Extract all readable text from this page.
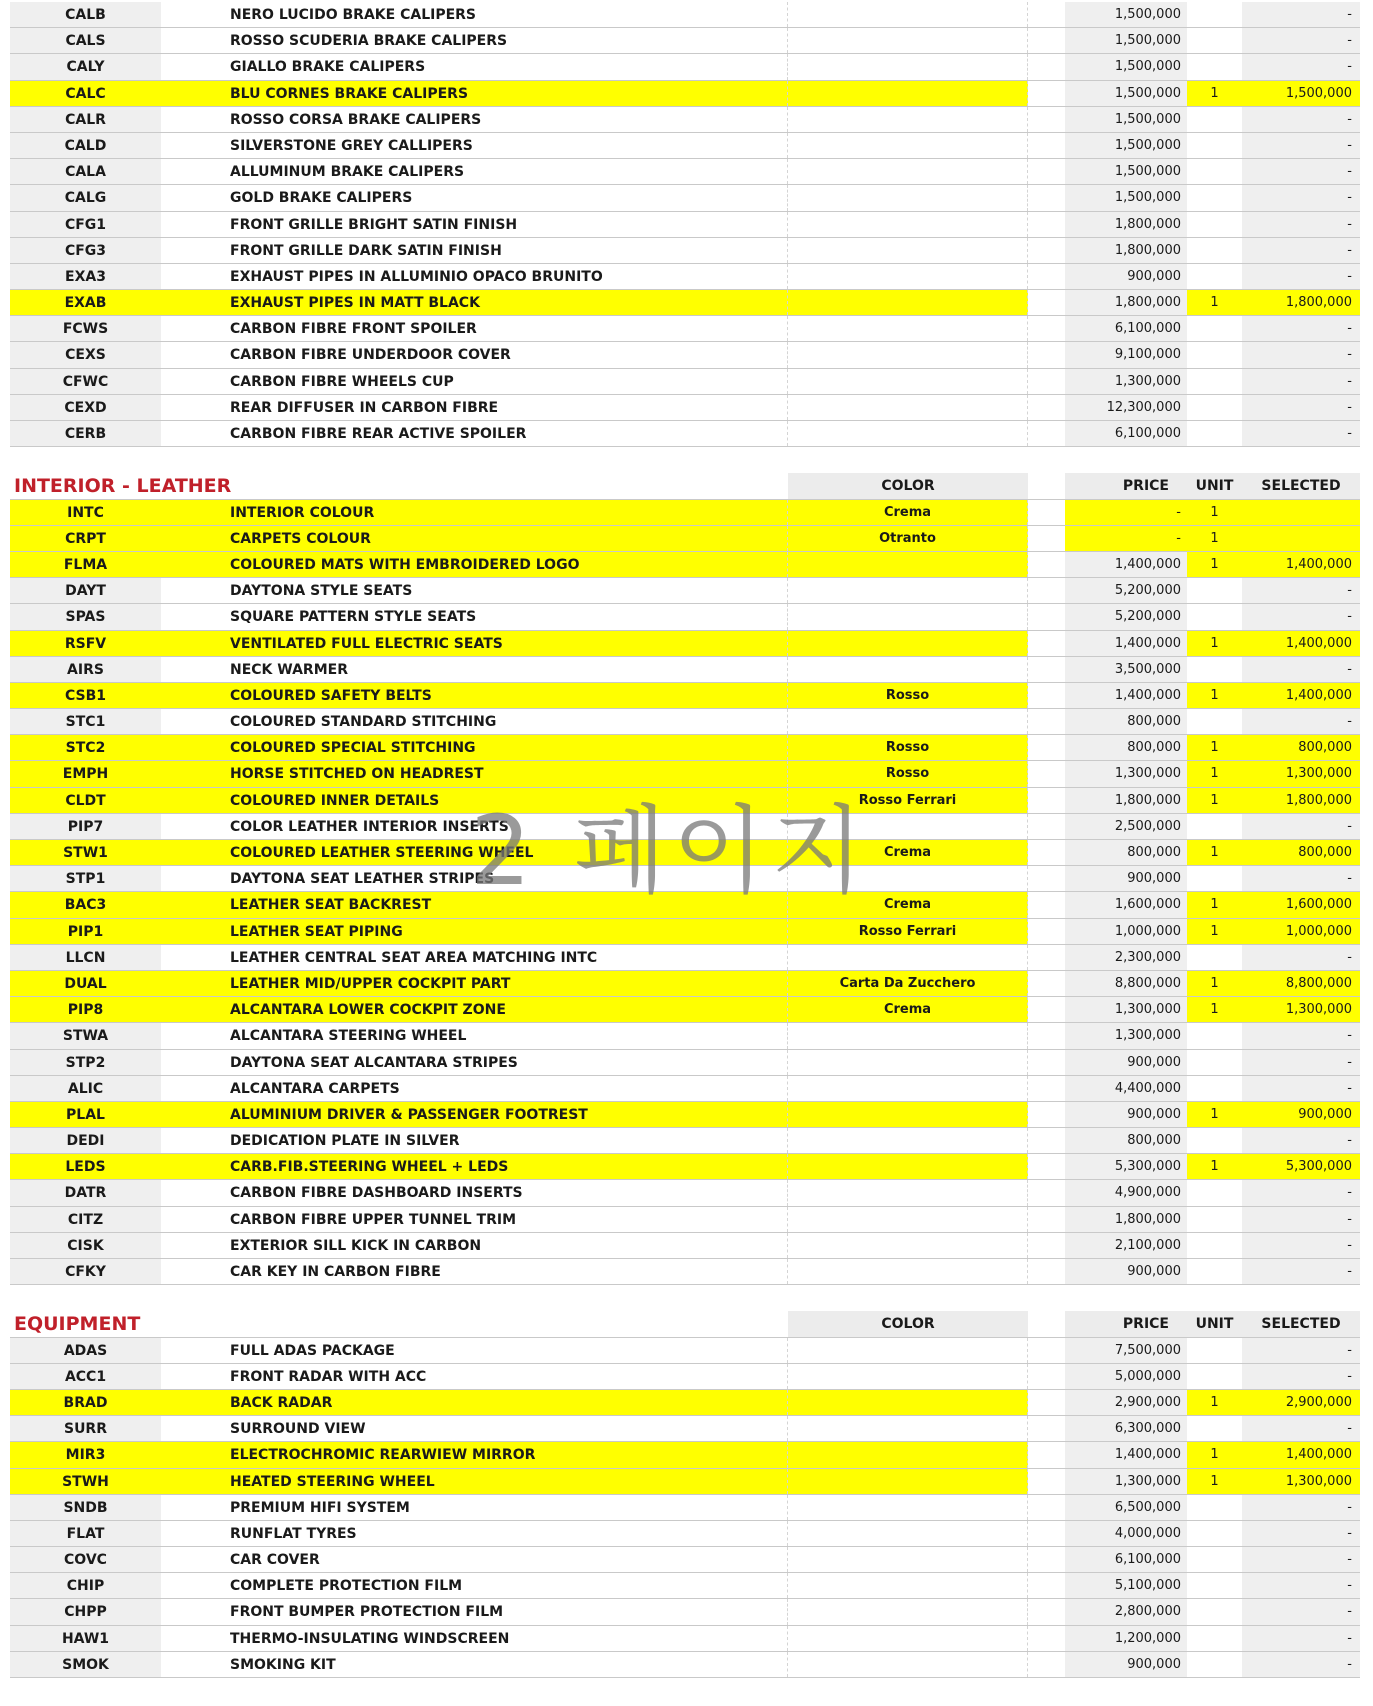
CALB	NERO LUCIDO BRAKE CALIPERS	1,500,000	-
CALS	ROSSO SCUDERIA BRAKE CALIPERS	1,500,000	-
CALY	GIALLO BRAKE CALIPERS	1,500,000	-
CALC	BLU CORNES BRAKE CALIPERS	1,500,000	1	1,500,000
CALR	ROSSO CORSA BRAKE CALIPERS	1,500,000	-
CALD	SILVERSTONE GREY CALLIPERS	1,500,000	-
CALA	ALLUMINUM BRAKE CALIPERS	1,500,000	-
CALG	GOLD BRAKE CALIPERS	1,500,000	-
CFG1	FRONT GRILLE BRIGHT SATIN FINISH	1,800,000	-
CFG3	FRONT GRILLE DARK SATIN FINISH	1,800,000	-
EXA3	EXHAUST PIPES IN ALLUMINIO OPACO BRUNITO	900,000	-
EXAB	EXHAUST PIPES IN MATT BLACK	1,800,000	1	1,800,000
FCWS	CARBON FIBRE FRONT SPOILER	6,100,000	-
CEXS	CARBON FIBRE UNDERDOOR COVER	9,100,000	-
CFWC	CARBON FIBRE WHEELS CUP	1,300,000	-
CEXD	REAR DIFFUSER IN CARBON FIBRE	12,300,000	-
CERB	CARBON FIBRE REAR ACTIVE SPOILER	6,100,000	-
INTERIOR - LEATHER	COLOR	PRICE	UNIT	SELECTED
INTC	INTERIOR COLOUR	Crema	-	1
CRPT	CARPETS COLOUR	Otranto	-	1
FLMA	COLOURED MATS WITH EMBROIDERED LOGO	1,400,000	1	1,400,000
DAYT	DAYTONA STYLE SEATS	5,200,000	-
SPAS	SQUARE PATTERN STYLE SEATS	5,200,000	-
RSFV	VENTILATED FULL ELECTRIC SEATS	1,400,000	1	1,400,000
AIRS	NECK WARMER	3,500,000	-
CSB1	COLOURED SAFETY BELTS	Rosso	1,400,000	1	1,400,000
STC1	COLOURED STANDARD STITCHING	800,000	-
STC2	COLOURED SPECIAL STITCHING	Rosso	800,000	1	800,000
EMPH	HORSE STITCHED ON HEADREST	Rosso	1,300,000	1	1,300,000
CLDT	COLOURED INNER DETAILS	Rosso Ferrari	1,800,000	1	1,800,000
PIP7	COLOR LEATHER INTERIOR INSERTS	2,500,000	-
STW1	COLOURED LEATHER STEERING WHEEL	Crema	800,000	1	800,000
STP1	DAYTONA SEAT LEATHER STRIPES	900,000	-
BAC3	LEATHER SEAT BACKREST	Crema	1,600,000	1	1,600,000
PIP1	LEATHER SEAT PIPING	Rosso Ferrari	1,000,000	1	1,000,000
LLCN	LEATHER CENTRAL SEAT AREA MATCHING INTC	2,300,000	-
DUAL	LEATHER MID/UPPER COCKPIT PART	Carta Da Zucchero	8,800,000	1	8,800,000
PIP8	ALCANTARA LOWER COCKPIT ZONE	Crema	1,300,000	1	1,300,000
STWA	ALCANTARA STEERING WHEEL	1,300,000	-
STP2	DAYTONA SEAT ALCANTARA STRIPES	900,000	-
ALIC	ALCANTARA CARPETS	4,400,000	-
PLAL	ALUMINIUM DRIVER & PASSENGER FOOTREST	900,000	1	900,000
DEDI	DEDICATION PLATE IN SILVER	800,000	-
LEDS	CARB.FIB.STEERING WHEEL + LEDS	5,300,000	1	5,300,000
DATR	CARBON FIBRE DASHBOARD INSERTS	4,900,000	-
CITZ	CARBON FIBRE UPPER TUNNEL TRIM	1,800,000	-
CISK	EXTERIOR SILL KICK IN CARBON	2,100,000	-
CFKY	CAR KEY IN CARBON FIBRE	900,000	-
EQUIPMENT	COLOR	PRICE	UNIT	SELECTED
ADAS	FULL ADAS PACKAGE	7,500,000	-
ACC1	FRONT RADAR WITH ACC	5,000,000	-
BRAD	BACK RADAR	2,900,000	1	2,900,000
SURR	SURROUND VIEW	6,300,000	-
MIR3	ELECTROCHROMIC REARWIEW MIRROR	1,400,000	1	1,400,000
STWH	HEATED STEERING WHEEL	1,300,000	1	1,300,000
SNDB	PREMIUM HIFI SYSTEM	6,500,000	-
FLAT	RUNFLAT TYRES	4,000,000	-
COVC	CAR COVER	6,100,000	-
CHIP	COMPLETE PROTECTION FILM	5,100,000	-
CHPP	FRONT BUMPER PROTECTION FILM	2,800,000	-
HAW1	THERMO-INSULATING WINDSCREEN	1,200,000	-
SMOK	SMOKING KIT	900,000	-
2 페이지
